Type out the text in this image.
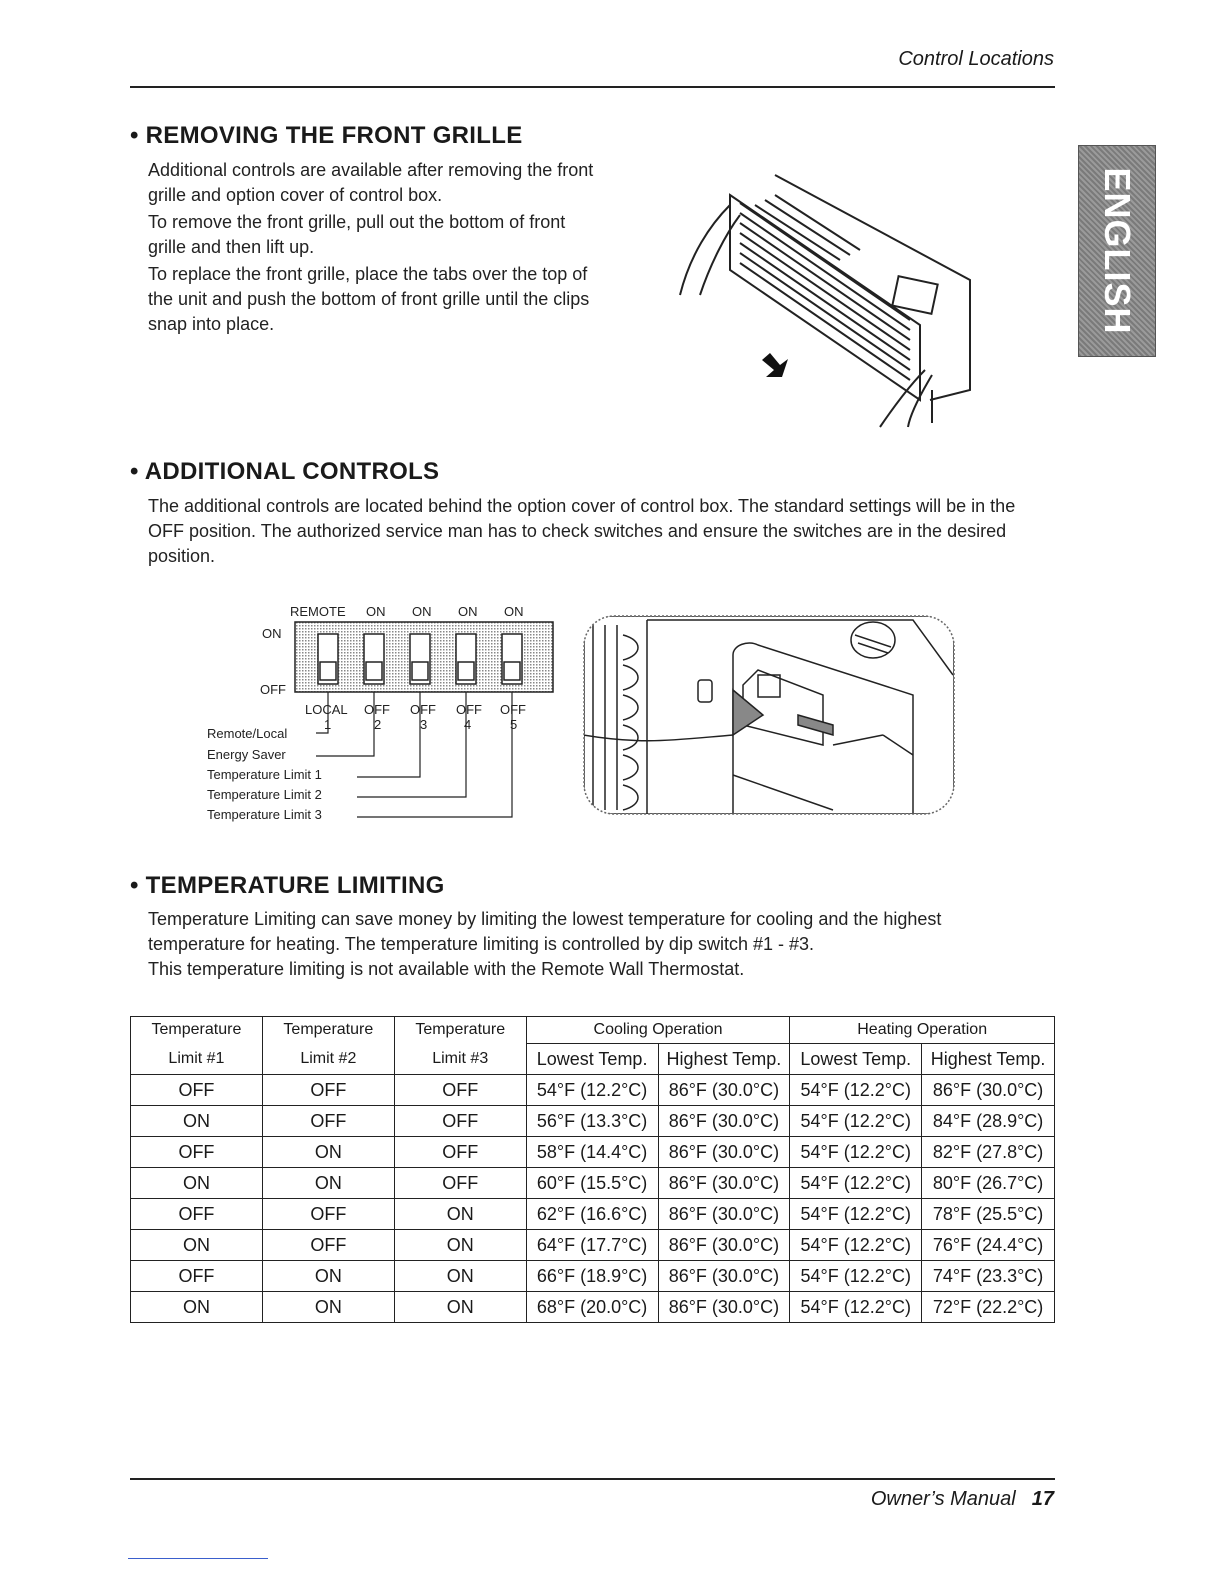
Control Locations
ENGLISH
• REMOVING THE FRONT GRILLE

Additional controls are available after removing the front grille and option cover of control box.

To remove the front grille, pull out the bottom of front grille and then lift up.

To replace the front grille, place the tabs over the top of the unit and push the bottom of front grille until the clips snap into place.

• ADDITIONAL CONTROLS
The additional controls are located behind the option cover of control box. The standard settings will be in the OFF position. The authorized service man has to check switches and ensure the switches are in the desired position.
REMOTE ON ON ON ON
ON
OFF
LOCAL OFF OFF OFF OFF
1	2	3	4	5
Remote/Local
Energy Saver
Temperature Limit 1
Temperature Limit 2
Temperature Limit 3
• TEMPERATURE LIMITING

Temperature Limiting can save money by limiting the lowest temperature for cooling and the highest temperature for heating. The temperature limiting is controlled by dip switch #1 - #3.

This temperature limiting is not available with the Remote Wall Thermostat.

Temperature	Temperature	Temperature	Cooling Operation		Heating Operation	
Limit #1	Limit #2	Limit #3	Lowest Temp.	Highest Temp.	Lowest Temp.	Highest Temp.
OFF	OFF	OFF	54°F (12.2°C)	86°F (30.0°C)	54°F (12.2°C)	86°F (30.0°C)
ON	OFF	OFF	56°F (13.3°C)	86°F (30.0°C)	54°F (12.2°C)	84°F (28.9°C)
OFF	ON	OFF	58°F (14.4°C)	86°F (30.0°C)	54°F (12.2°C)	82°F (27.8°C)
ON	ON	OFF	60°F (15.5°C)	86°F (30.0°C)	54°F (12.2°C)	80°F (26.7°C)
OFF	OFF	ON	62°F (16.6°C)	86°F (30.0°C)	54°F (12.2°C)	78°F (25.5°C)
ON	OFF	ON	64°F (17.7°C)	86°F (30.0°C)	54°F (12.2°C)	76°F (24.4°C)
OFF	ON	ON	66°F (18.9°C)	86°F (30.0°C)	54°F (12.2°C)	74°F (23.3°C)
ON	ON	ON	68°F (20.0°C)	86°F (30.0°C)	54°F (12.2°C)	72°F (22.2°C)
Owner’s Manual 17
